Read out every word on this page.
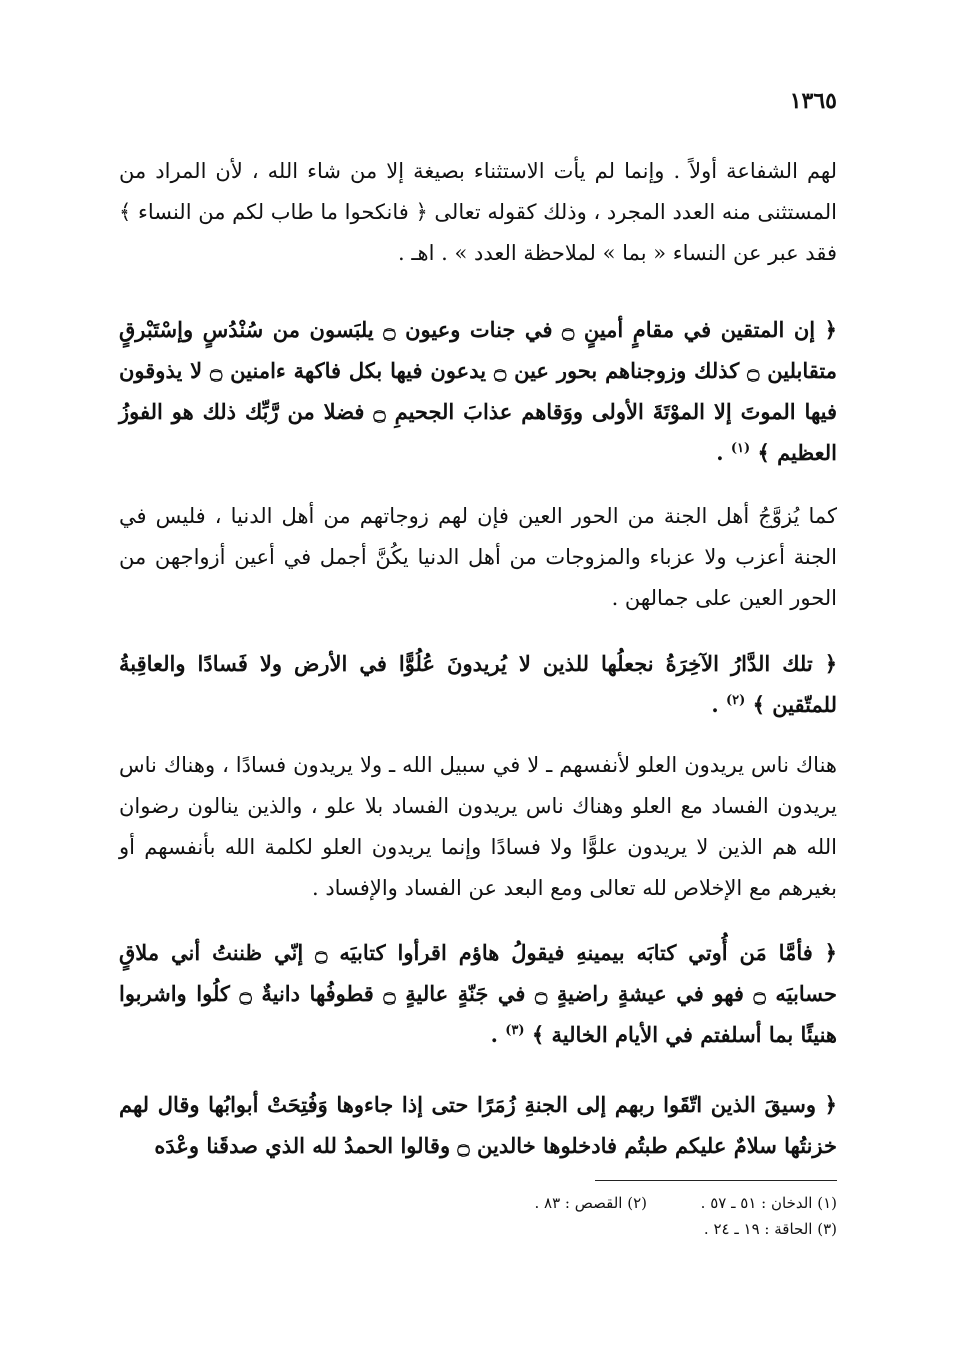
١٣٦٥

لهم الشفاعة أولاً . وإنما لم يأت الاستثناء بصيغة إلا من شاء الله ، لأن المراد من المستثنى منه العدد المجرد ، وذلك كقوله تعالى ﴿ فانكحوا ما طاب لكم من النساء ﴾ فقد عبر عن النساء « بما » لملاحظة العدد » . اهـ .

﴿ إن المتقين في مقامٍ أمينٍ ۝ في جنات وعيون ۝ يلبَسون من سُنْدُسٍ وإسْتَبْرقٍ متقابلين ۝ كذلك وزوجناهم بحور عين ۝ يدعون فيها بكل فاكهة ءامنين ۝ لا يذوقون فيها الموتَ إلا الموْتَةَ الأولى ووَقاهم عذابَ الجحيمِ ۝ فضلا من رَّبِّك ذلك هو الفوزُ العظيم ﴾ $^{(١)}$ .

كما يُزوَّجُ أهل الجنة من الحور العين فإن لهم زوجاتهم من أهل الدنيا ، فليس في الجنة أعزب ولا عزباء والمزوجات من أهل الدنيا يكُنَّ أجمل في أعين أزواجهن من الحور العين على جمالهن .

﴿ تلك الدَّارُ الآخِرَةُ نجعلُها للذين لا يُريدونَ عُلُوًّا في الأرض ولا فَسادًا والعاقِبةُ للمتّقين ﴾ $^{(٢)}$ .

هناك ناس يريدون العلو لأنفسهم ـ لا في سبيل الله ـ ولا يريدون فسادًا ، وهناك ناس يريدون الفساد مع العلو وهناك ناس يريدون الفساد بلا علو ، والذين ينالون رضوان الله هم الذين لا يريدون علوًّا ولا فسادًا وإنما يريدون العلو لكلمة الله بأنفسهم أو بغيرهم مع الإخلاص لله تعالى ومع البعد عن الفساد والإفساد .

﴿ فأمَّا مَن أُوتي كتابَه بيمينهِ فيقولُ هاؤم اقرأوا كتابيَه ۝ إنّي ظننتُ أني ملاقٍ حسابيَه ۝ فهو في عيشةٍ راضيةٍ ۝ في جَنّةٍ عاليةٍ ۝ قطوفُها دانيةٌ ۝ كلُوا واشربوا هنيئًا بما أسلفتم في الأيام الخالية ﴾ $^{(٣)}$ .

﴿ وسيقَ الذين اتّقَوا ربهم إلى الجنةِ زُمَرًا حتى إذا جاءوها وَفُتِحَتْ أبوابُها وقال لهم خزنتُها سلامٌ عليكم طبتُم فادخلوها خالدين ۝ وقالوا الحمدُ لله الذي صدقَنا وعْدَه

(١) الدخان : ٥١ ـ ٥٧ .
(٢) القصص : ٨٣ .
(٣) الحاقة : ١٩ ـ ٢٤ .
